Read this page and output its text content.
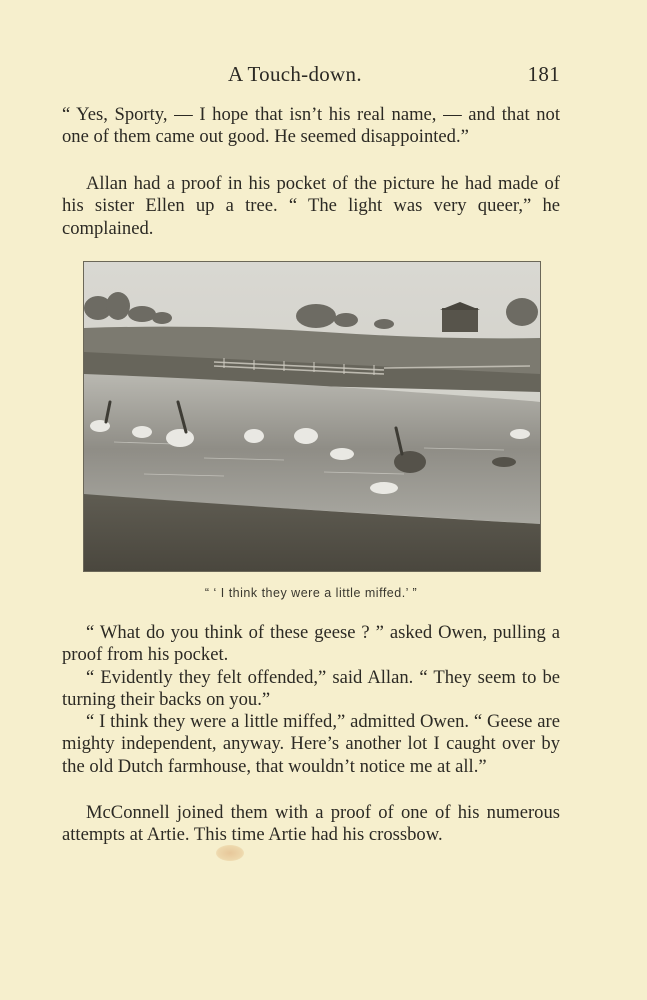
A Touch-down.	181

“ Yes, Sporty, — I hope that isn’t his real name, — and that not one of them came out good. He seemed disappointed.”

Allan had a proof in his pocket of the picture he had made of his sister Ellen up a tree. “ The light was very queer,” he complained.

“ ‘ I think they were a little miffed.’ ”

“ What do you think of these geese ? ” asked Owen, pulling a proof from his pocket.

“ Evidently they felt offended,” said Allan. “ They seem to be turning their backs on you.”

“ I think they were a little miffed,” admitted Owen. “ Geese are mighty independent, anyway. Here’s another lot I caught over by the old Dutch farmhouse, that wouldn’t notice me at all.”

McConnell joined them with a proof of one of his numerous attempts at Artie. This time Artie had his crossbow.
